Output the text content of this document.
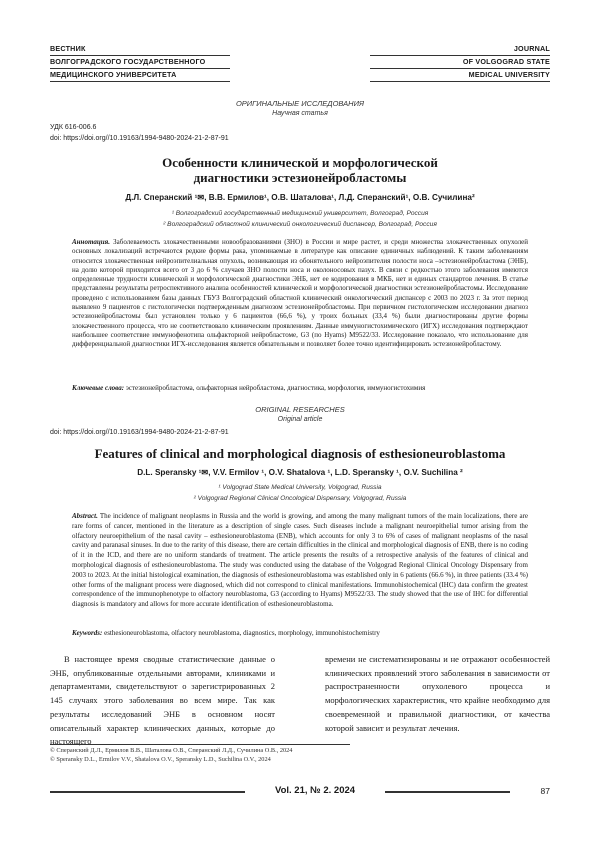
ВЕСТНИК
ВОЛГОГРАДСКОГО ГОСУДАРСТВЕННОГО
МЕДИЦИНСКОГО УНИВЕРСИТЕТА
JOURNAL
OF VOLGOGRAD STATE
MEDICAL UNIVERSITY
ОРИГИНАЛЬНЫЕ ИССЛЕДОВАНИЯ
Научная статья
УДК 616-006.6
doi: https://doi.org//10.19163/1994-9480-2024-21-2-87-91
Особенности клинической и морфологической диагностики эстезионейробластомы
Д.Л. Сперанский ¹✉, В.В. Ермилов¹, О.В. Шаталова¹, Л.Д. Сперанский¹, О.В. Сучилина²
¹ Волгоградский государственный медицинский университет, Волгоград, Россия
² Волгоградский областной клинический онкологический диспансер, Волгоград, Россия
Аннотация. Заболеваемость злокачественными новообразованиями (ЗНО) в России и мире растет, и среди множества злокачественных опухолей основных локализаций встречаются редкие формы рака, упоминаемые в литературе как описание единичных наблюдений. К таким заболеваниям относится злокачественная нейроэпителиальная опухоль, возникающая из обонятельного нейроэпителия полости носа –эстезионейробластома (ЭНБ), на долю которой приходится всего от 3 до 6 % случаев ЗНО полости носа и околоносовых пазух. В связи с редкостью этого заболевания имеются определенные трудности клинической и морфологической диагностики ЭНБ, нет ее кодирования в МКБ, нет и единых стандартов лечения. В статье представлены результаты ретроспективного анализа особенностей клинической и морфологической диагностики эстезионейробластомы. Исследование проведено с использованием базы данных ГБУЗ Волгоградский областной клинический онкологический диспансер с 2003 по 2023 г. За этот период выявлено 9 пациентов с гистологически подтвержденным диагнозом эстезионейробластомы. При первичном гистологическом исследовании диагноз эстезионейробластомы был установлен только у 6 пациентов (66,6 %), у троих больных (33,4 %) были диагностированы другие формы злокачественного процесса, что не соответствовало клиническим проявлениям. Данные иммуногистохимического (ИГХ) исследования подтверждают наибольшее соответствие иммунофенотипа ольфакторной нейробластоме, G3 (по Hyams) M9522/33. Исследование показало, что использование для дифференциальной диагностики ИГХ-исследования является обязательным и позволяет более точно идентифицировать эстезионейробластому.
Ключевые слова: эстезионейробластома, ольфакторная нейробластома, диагностика, морфология, иммуногистохимия
ORIGINAL RESEARCHES
Original article
doi: https://doi.org//10.19163/1994-9480-2024-21-2-87-91
Features of clinical and morphological diagnosis of esthesioneuroblastoma
D.L. Speransky ¹✉, V.V. Ermilov ¹, O.V. Shatalova ¹, L.D. Speransky ¹, O.V. Suchilina ²
¹ Volgograd State Medical University, Volgograd, Russia
² Volgograd Regional Clinical Oncological Dispensary, Volgograd, Russia
Abstract. The incidence of malignant neoplasms in Russia and the world is growing, and among the many malignant tumors of the main localizations, there are rare forms of cancer, mentioned in the literature as a description of single cases. Such diseases include a malignant neuroepithelial tumor arising from the olfactory neuroepithelium of the nasal cavity – esthesioneuroblastoma (ENB), which accounts for only 3 to 6% of cases of malignant neoplasms of the nasal cavity and paranasal sinuses. In due to the rarity of this disease, there are certain difficulties in the clinical and morphological diagnosis of ENB, there is no coding of it in the ICD, and there are no uniform standards of treatment. The article presents the results of a retrospective analysis of the features of clinical and morphological diagnosis of esthesioneuroblastoma. The study was conducted using the database of the Volgograd Regional Clinical Oncology Dispensary from 2003 to 2023. At the initial histological examination, the diagnosis of esthesioneuroblastoma was established only in 6 patients (66.6 %), in three patients (33.4 %) other forms of the malignant process were diagnosed, which did not correspond to clinical manifestations. Immunohistochemical (IHC) data confirm the greatest correspondence of the immunophenotype to olfactory neuroblastoma, G3 (according to Hyams) M9522/33. The study showed that the use of IHC for differential diagnosis is mandatory and allows for more accurate identification of esthesioneuroblastoma.
Keywords: esthesioneuroblastoma, olfactory neuroblastoma, diagnostics, morphology, immunohistochemistry
В настоящее время сводные статистические данные о ЭНБ, опубликованные отдельными авторами, клиниками и департаментами, свидетельствуют о зарегистрированных 2 145 случаях этого заболевания во всем мире. Так как результаты исследований ЭНБ в основном носят описательный характер клинических данных, которые до настоящего
времени не систематизированы и не отражают особенностей клинических проявлений этого заболевания в зависимости от распространенности опухолевого процесса и морфологических характеристик, что крайне необходимо для своевременной и правильной диагностики, от качества которой зависит и результат лечения.
© Сперанский Д.Л., Ермилов В.В., Шаталова О.В., Сперанский Л.Д., Сучилина О.В., 2024
© Speransky D.L., Ermilov V.V., Shatalova O.V., Speransky L.D., Suchilina O.V., 2024
Vol. 21, № 2. 2024	87
